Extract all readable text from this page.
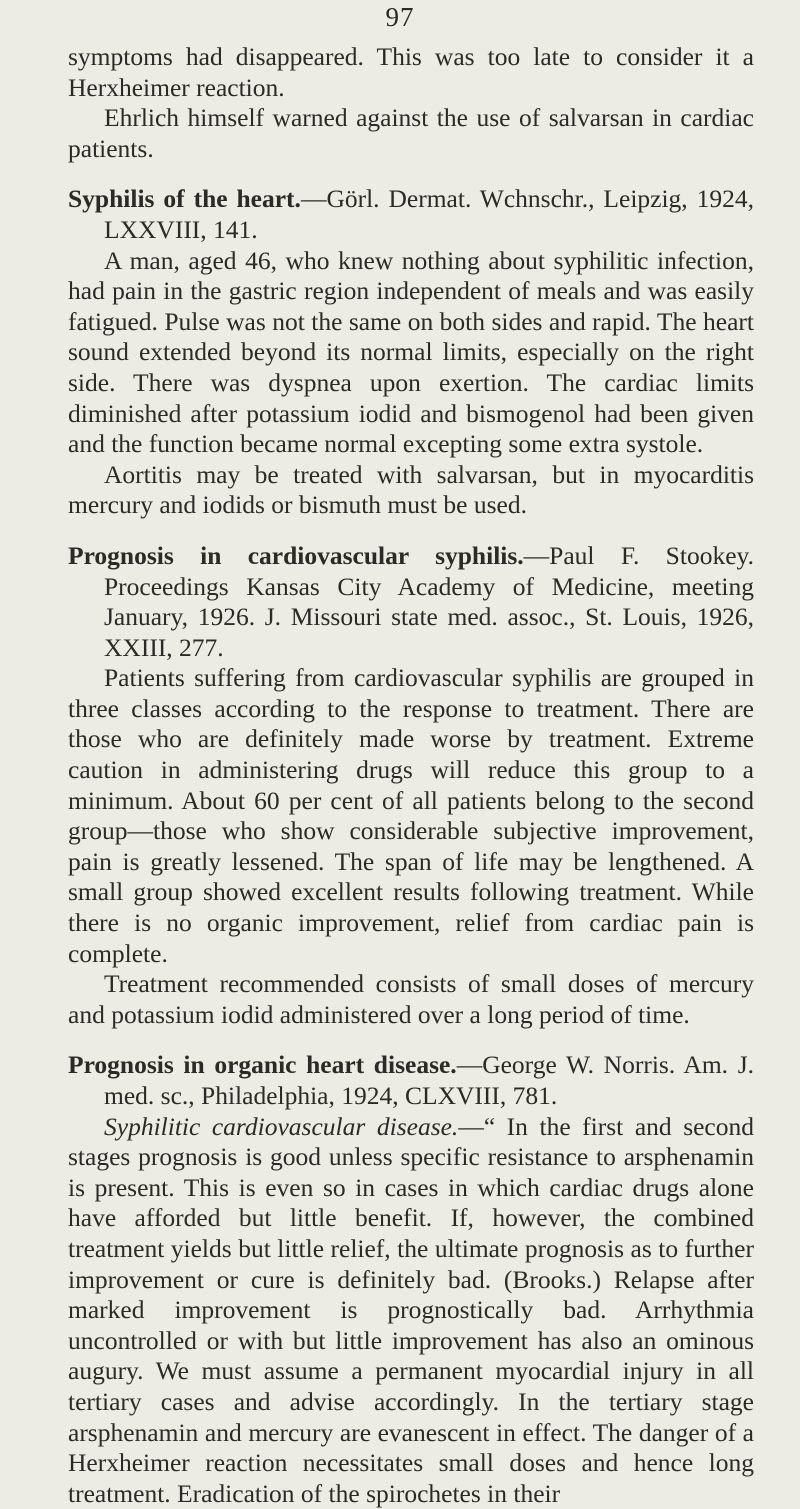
97

symptoms had disappeared. This was too late to consider it a Herxheimer reaction.

Ehrlich himself warned against the use of salvarsan in cardiac patients.

Syphilis of the heart.—Görl. Dermat. Wchnschr., Leipzig, 1924, LXXVIII, 141.

A man, aged 46, who knew nothing about syphilitic infection, had pain in the gastric region independent of meals and was easily fatigued. Pulse was not the same on both sides and rapid. The heart sound extended beyond its normal limits, especially on the right side. There was dyspnea upon exertion. The cardiac limits diminished after potassium iodid and bismogenol had been given and the function became normal excepting some extra systole.

Aortitis may be treated with salvarsan, but in myocarditis mercury and iodids or bismuth must be used.

Prognosis in cardiovascular syphilis.—Paul F. Stookey. Proceedings Kansas City Academy of Medicine, meeting January, 1926. J. Missouri state med. assoc., St. Louis, 1926, XXIII, 277.

Patients suffering from cardiovascular syphilis are grouped in three classes according to the response to treatment. There are those who are definitely made worse by treatment. Extreme caution in administering drugs will reduce this group to a minimum. About 60 per cent of all patients belong to the second group—those who show considerable subjective improvement, pain is greatly lessened. The span of life may be lengthened. A small group showed excellent results following treatment. While there is no organic improvement, relief from cardiac pain is complete.

Treatment recommended consists of small doses of mercury and potassium iodid administered over a long period of time.

Prognosis in organic heart disease.—George W. Norris. Am. J. med. sc., Philadelphia, 1924, CLXVIII, 781.

Syphilitic cardiovascular disease.—“ In the first and second stages prognosis is good unless specific resistance to arsphenamin is present. This is even so in cases in which cardiac drugs alone have afforded but little benefit. If, however, the combined treatment yields but little relief, the ultimate prognosis as to further improvement or cure is definitely bad. (Brooks.) Relapse after marked improvement is prognostically bad. Arrhythmia uncontrolled or with but little improvement has also an ominous augury. We must assume a permanent myocardial injury in all tertiary cases and advise accordingly. In the tertiary stage arsphenamin and mercury are evanescent in effect. The danger of a Herxheimer reaction necessitates small doses and hence long treatment. Eradication of the spirochetes in their
